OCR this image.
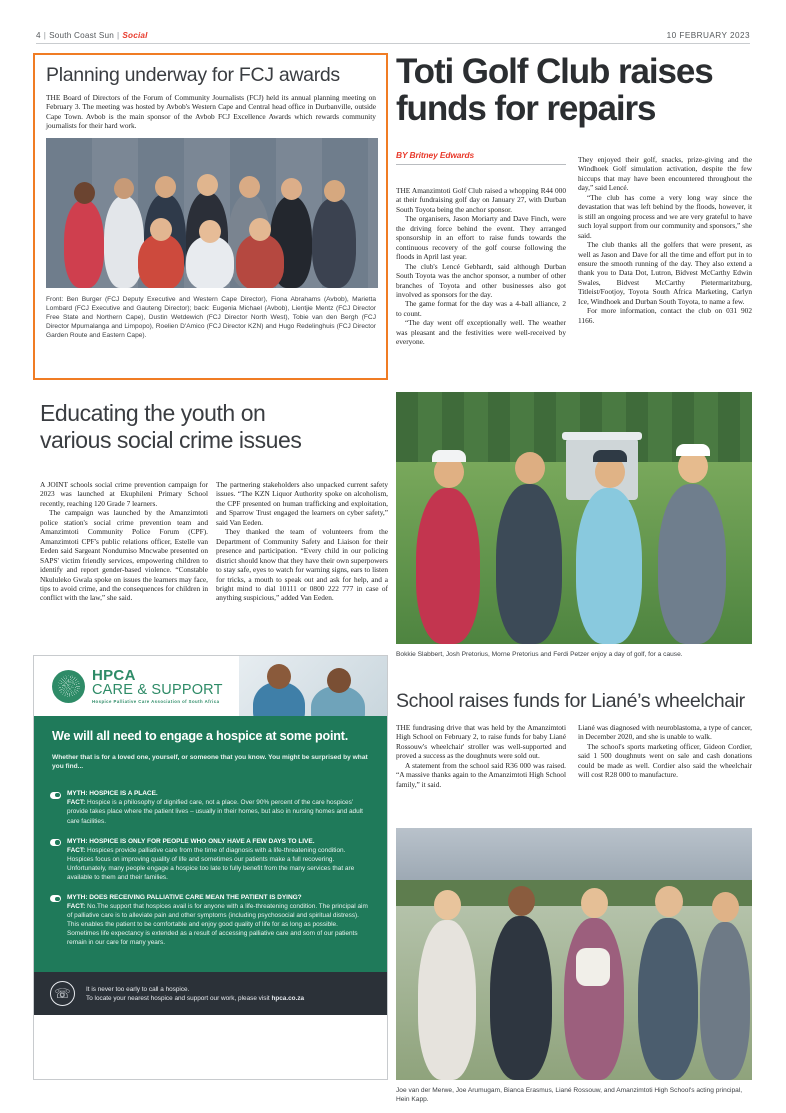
4 | South Coast Sun | Social	10 FEBRUARY 2023
Planning underway for FCJ awards
THE Board of Directors of the Forum of Community Journalists (FCJ) held its annual planning meeting on February 3. The meeting was hosted by Avbob's Western Cape and Central head office in Durbanville, outside Cape Town. Avbob is the main sponsor of the Avbob FCJ Excellence Awards which rewards community journalists for their hard work.
Front: Ben Burger (FCJ Deputy Executive and Western Cape Director), Fiona Abrahams (Avbob), Marietta Lombard (FCJ Executive and Gauteng Director); back: Eugenia Michael (Avbob), Lientjie Mentz (FCJ Director Free State and Northern Cape), Dustin Wetdewich (FCJ Director North West), Tobie van den Bergh (FCJ Director Mpumalanga and Limpopo), Roelien D'Amico (FCJ Director KZN) and Hugo Redelinghuis (FCJ Director Garden Route and Eastern Cape).
Toti Golf Club raises
funds for repairs
BY Britney Edwards

THE Amanzimtoti Golf Club raised a whopping R44 000 at their fundraising golf day on January 27, with Durban South Toyota being the anchor sponsor.

The organisers, Jason Moriarty and Dave Finch, were the driving force behind the event. They arranged sponsorship in an effort to raise funds towards the continuous recovery of the golf course following the floods in April last year.

The club's Lencé Gebhardt, said although Durban South Toyota was the anchor sponsor, a number of other branches of Toyota and other businesses also got involved as sponsors for the day.

The game format for the day was a 4-ball alliance, 2 to count.

“The day went off exceptionally well. The weather was pleasant and the festivities were well-received by everyone.

They enjoyed their golf, snacks, prize-giving and the Windhoek Golf simulation activation, despite the few hiccups that may have been encountered throughout the day,” said Lencé.

“The club has come a very long way since the devastation that was left behind by the floods, however, it is still an ongoing process and we are very grateful to have such loyal support from our community and sponsors,” she said.

The club thanks all the golfers that were present, as well as Jason and Dave for all the time and effort put in to ensure the smooth running of the day. They also extend a thank you to Data Dot, Lutron, Bidvest McCarthy Edwin Swales, Bidvest McCarthy Pietermaritzburg, Titleist/Footjoy, Toyota South Africa Marketing, Carlyn Ice, Windhoek and Durban South Toyota, to name a few.

For more information, contact the club on 031 902 1166.

Bokkie Slabbert, Josh Pretorius, Morne Pretorius and Ferdi Petzer enjoy a day of golf, for a cause.
Educating the youth on
various social crime issues

A JOINT schools social crime prevention campaign for 2023 was launched at Ekuphileni Primary School recently, reaching 120 Grade 7 learners.

The campaign was launched by the Amanzimtoti police station's social crime prevention team and Amanzimtoti Community Police Forum (CPF). Amanzimtoti CPF's public relations officer, Estelle van Eeden said Sargeant Nondumiso Mncwabe presented on SAPS' victim friendly services, empowering children to identify and report gender-based violence. “Constable Nkululeko Gwala spoke on issues the learners may face, tips to avoid crime, and the consequences for children in conflict with the law,” she said.

The partnering stakeholders also unpacked current safety issues. “The KZN Liquor Authority spoke on alcoholism, the CPF presented on human trafficking and exploitation, and Sparrow Trust engaged the learners on cyber safety,” said Van Eeden.

They thanked the team of volunteers from the Department of Community Safety and Liaison for their presence and participation. “Every child in our policing district should know that they have their own superpowers to stay safe, eyes to watch for warning signs, ears to listen for tricks, a mouth to speak out and ask for help, and a bright mind to dial 10111 or 0800 222 777 in case of anything suspicious,” added Van Eeden.

HPCA
CARE & SUPPORT
Hospice Palliative Care Association of South Africa
We will all need to engage a hospice at some point.

Whether that is for a loved one, yourself, or someone that you know. You might be surprised by what you find...

MYTH: HOSPICE IS A PLACE.
FACT: Hospice is a philosophy of dignified care, not a place. Over 90% percent of the care hospices’ provide takes place where the patient lives – usually in their homes, but also in nursing homes and adult care facilities.
MYTH: HOSPICE IS ONLY FOR PEOPLE WHO ONLY HAVE A FEW DAYS TO LIVE.
FACT: Hospices provide palliative care from the time of diagnosis with a life-threatening condition. Hospices focus on improving quality of life and sometimes our patients make a full recovering. Unfortunately, many people engage a hospice too late to fully benefit from the many services that are available to them and their families.
MYTH: DOES RECEIVING PALLIATIVE CARE MEAN THE PATIENT IS DYING?
FACT: No.The support that hospices avail is for anyone with a life-threatening condition. The principal aim of palliative care is to alleviate pain and other symptoms (including psychosocial and spiritual distress). This enables the patient to be comfortable and enjoy good quality of life for as long as possible. Sometimes life expectancy is extended as a result of accessing palliative care and som of our patients remain in our care for many years.
☏	It is never too early to call a hospice.
To locate your nearest hospice and support our work, please visit hpca.co.za
School raises funds for Liané’s wheelchair

THE fundrasing drive that was held by the Amanzimtoti High School on February 2, to raise funds for baby Liané Rossouw's wheelchair' stroller was well-supported and proved a success as the doughnuts were sold out.

A statement from the school said R36 000 was raised. “A massive thanks again to the Amanzimtoti High School family,” it said.

Liané was diagnosed with neuroblastoma, a type of cancer, in December 2020, and she is unable to walk.

The school's sports marketing officer, Gideon Cordier, said 1 500 doughnuts went on sale and cash donations could be made as well. Cordier also said the wheelchair will cost R28 000 to manufacture.

Joe van der Merwe, Joe Arumugam, Bianca Erasmus, Liané Rossouw, and Amanzimtoti High School's acting principal, Hein Kapp.
